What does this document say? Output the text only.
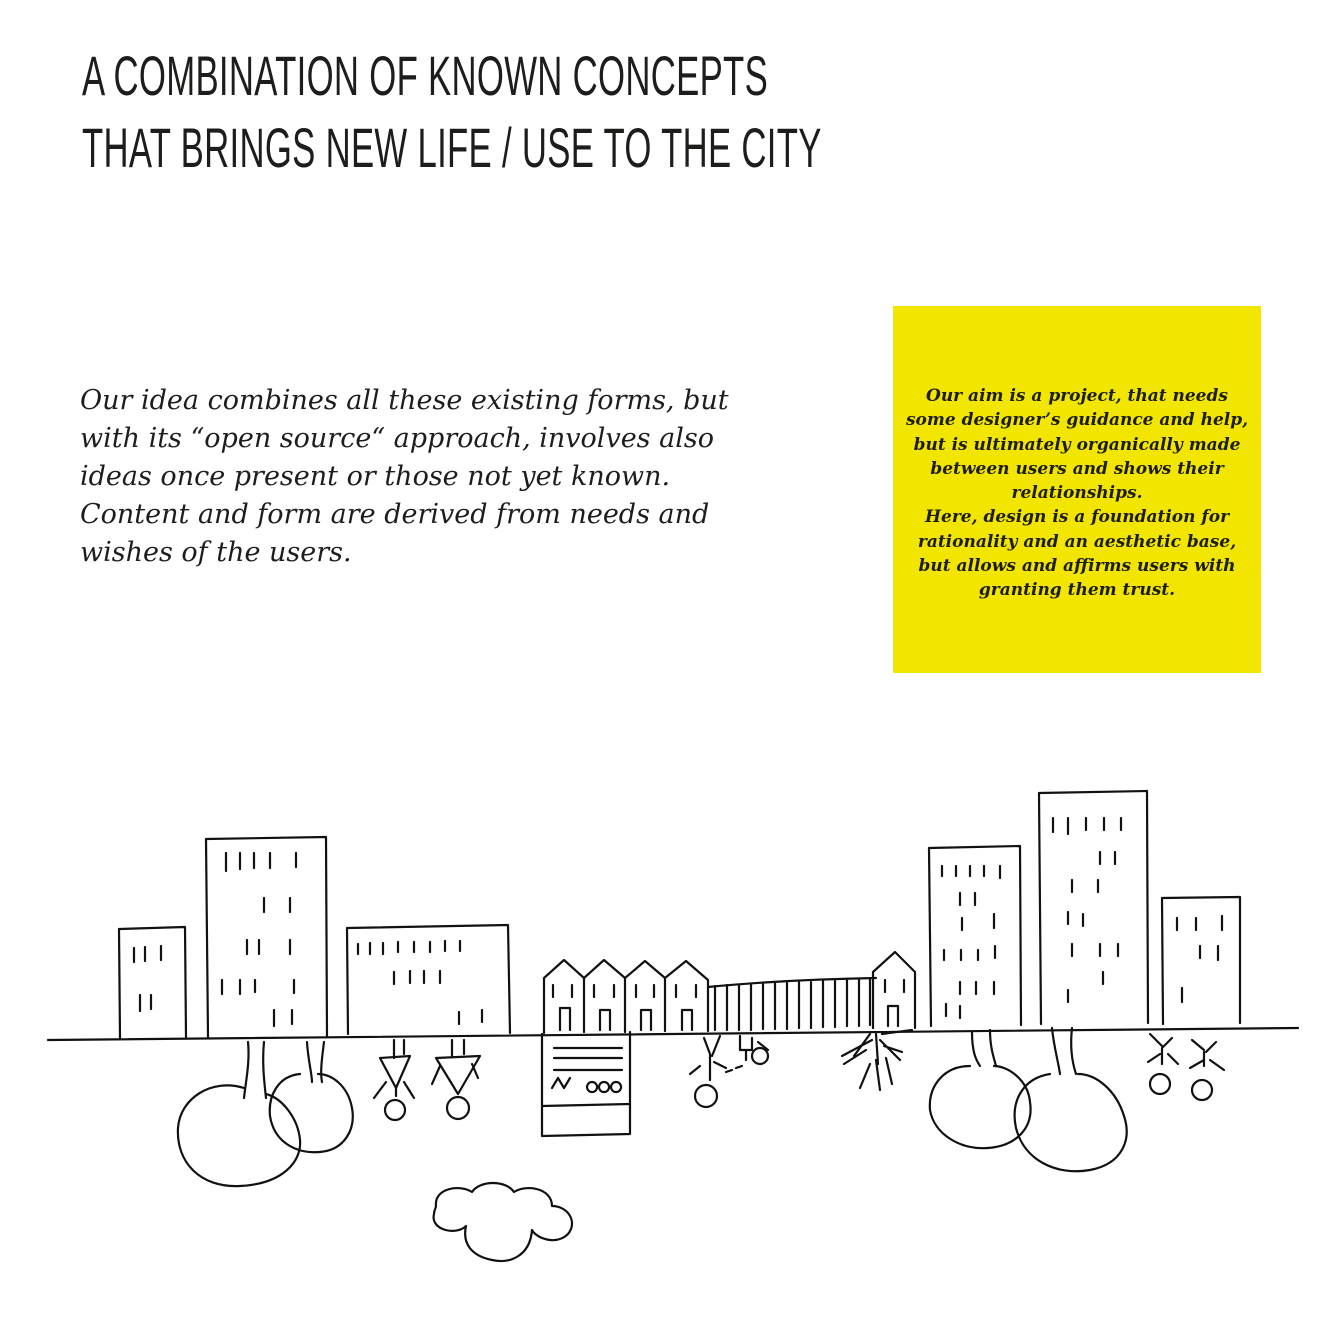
A COMBINATION OF KNOWN CONCEPTS
THAT BRINGS NEW LIFE / USE TO THE CITY

Our idea combines all these existing forms, but
with its “open source“ approach, involves also
ideas once present or those not yet known.
Content and form are derived from needs and
wishes of the users.

Our aim is a project, that needs
some designer’s guidance and help,
but is ultimately organically made
between users and shows their
relationships.
Here, design is a foundation for
rationality and an aesthetic base,
but allows and affirms users with
granting them trust.
